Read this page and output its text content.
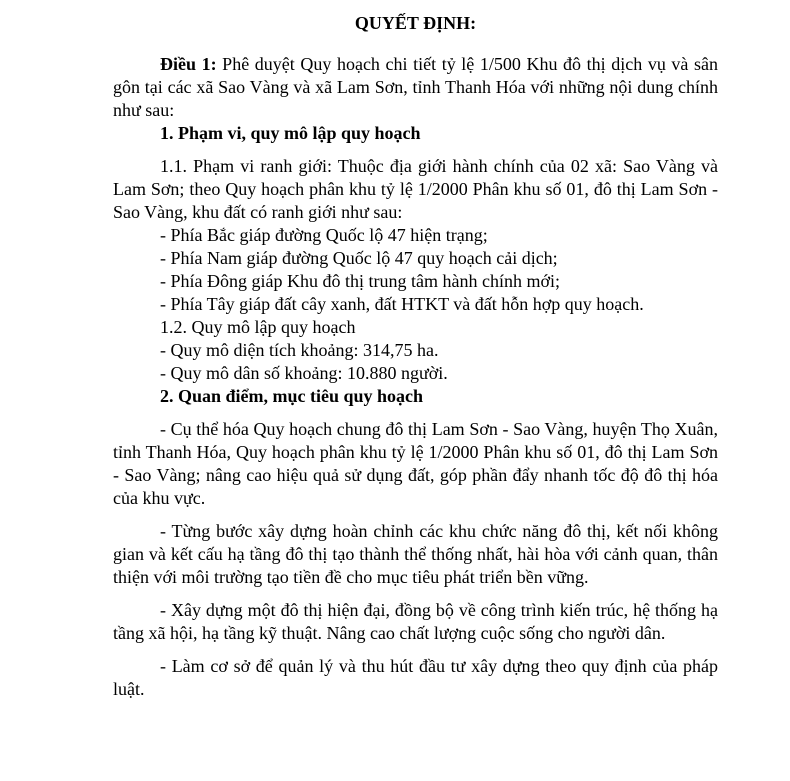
QUYẾT ĐỊNH:

Điều 1: Phê duyệt Quy hoạch chi tiết tỷ lệ 1/500 Khu đô thị dịch vụ và sân gôn tại các xã Sao Vàng và xã Lam Sơn, tỉnh Thanh Hóa với những nội dung chính như sau:

1. Phạm vi, quy mô lập quy hoạch

1.1. Phạm vi ranh giới: Thuộc địa giới hành chính của 02 xã: Sao Vàng và Lam Sơn; theo Quy hoạch phân khu tỷ lệ 1/2000 Phân khu số 01, đô thị Lam Sơn - Sao Vàng, khu đất có ranh giới như sau:

- Phía Bắc giáp đường Quốc lộ 47 hiện trạng;

- Phía Nam giáp đường Quốc lộ 47 quy hoạch cải dịch;

- Phía Đông giáp Khu đô thị trung tâm hành chính mới;

- Phía Tây giáp đất cây xanh, đất HTKT và đất hỗn hợp quy hoạch.

1.2. Quy mô lập quy hoạch

- Quy mô diện tích khoảng: 314,75 ha.

- Quy mô dân số khoảng: 10.880 người.

2. Quan điểm, mục tiêu quy hoạch

- Cụ thể hóa Quy hoạch chung đô thị Lam Sơn - Sao Vàng, huyện Thọ Xuân, tỉnh Thanh Hóa, Quy hoạch phân khu tỷ lệ 1/2000 Phân khu số 01, đô thị Lam Sơn - Sao Vàng; nâng cao hiệu quả sử dụng đất, góp phần đẩy nhanh tốc độ đô thị hóa của khu vực.

- Từng bước xây dựng hoàn chỉnh các khu chức năng đô thị, kết nối không gian và kết cấu hạ tầng đô thị tạo thành thể thống nhất, hài hòa với cảnh quan, thân thiện với môi trường tạo tiền đề cho mục tiêu phát triển bền vững.

- Xây dựng một đô thị hiện đại, đồng bộ về công trình kiến trúc, hệ thống hạ tầng xã hội, hạ tầng kỹ thuật. Nâng cao chất lượng cuộc sống cho người dân.

- Làm cơ sở để quản lý và thu hút đầu tư xây dựng theo quy định của pháp luật.
